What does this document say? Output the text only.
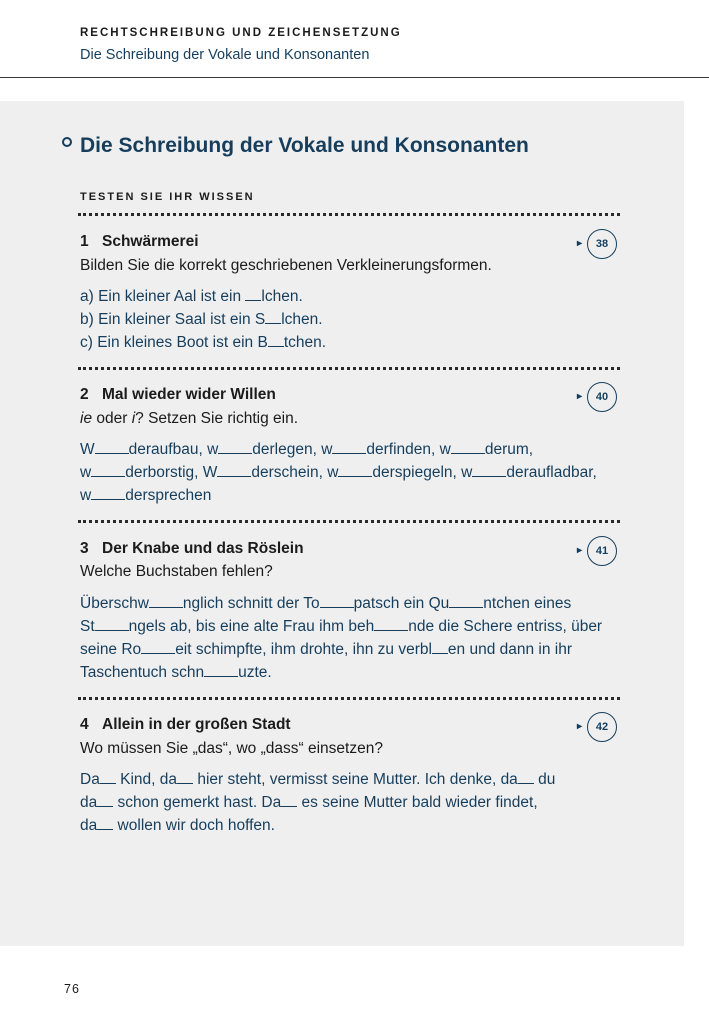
RECHTSCHREIBUNG UND ZEICHENSETZUNG
Die Schreibung der Vokale und Konsonanten
Die Schreibung der Vokale und Konsonanten
TESTEN SIE IHR WISSEN
1 Schwärmerei
Bilden Sie die korrekt geschriebenen Verkleinerungsformen.
a) Ein kleiner Aal ist ein lchen.
b) Ein kleiner Saal ist ein S lchen.
c) Ein kleines Boot ist ein B tchen.
▸	38
2 Mal wieder wider Willen
ie oder i? Setzen Sie richtig ein.
W deraufbau, w derlegen, w derfinden, w derum,
w derborstig, W derschein, w derspiegeln, w deraufladbar,
w dersprechen
▸	40
3 Der Knabe und das Röslein
Welche Buchstaben fehlen?
Überschw nglich schnitt der To patsch ein Qu ntchen eines
St ngels ab, bis eine alte Frau ihm beh nde die Schere entriss, über
seine Ro eit schimpfte, ihm drohte, ihn zu verbl en und dann in ihr
Taschentuch schn uzte.
▸	41
4 Allein in der großen Stadt
Wo müssen Sie „das“, wo „dass“ einsetzen?
Da Kind, da hier steht, vermisst seine Mutter. Ich denke, da du
da schon gemerkt hast. Da es seine Mutter bald wieder findet,
da wollen wir doch hoffen.
▸	42
76
